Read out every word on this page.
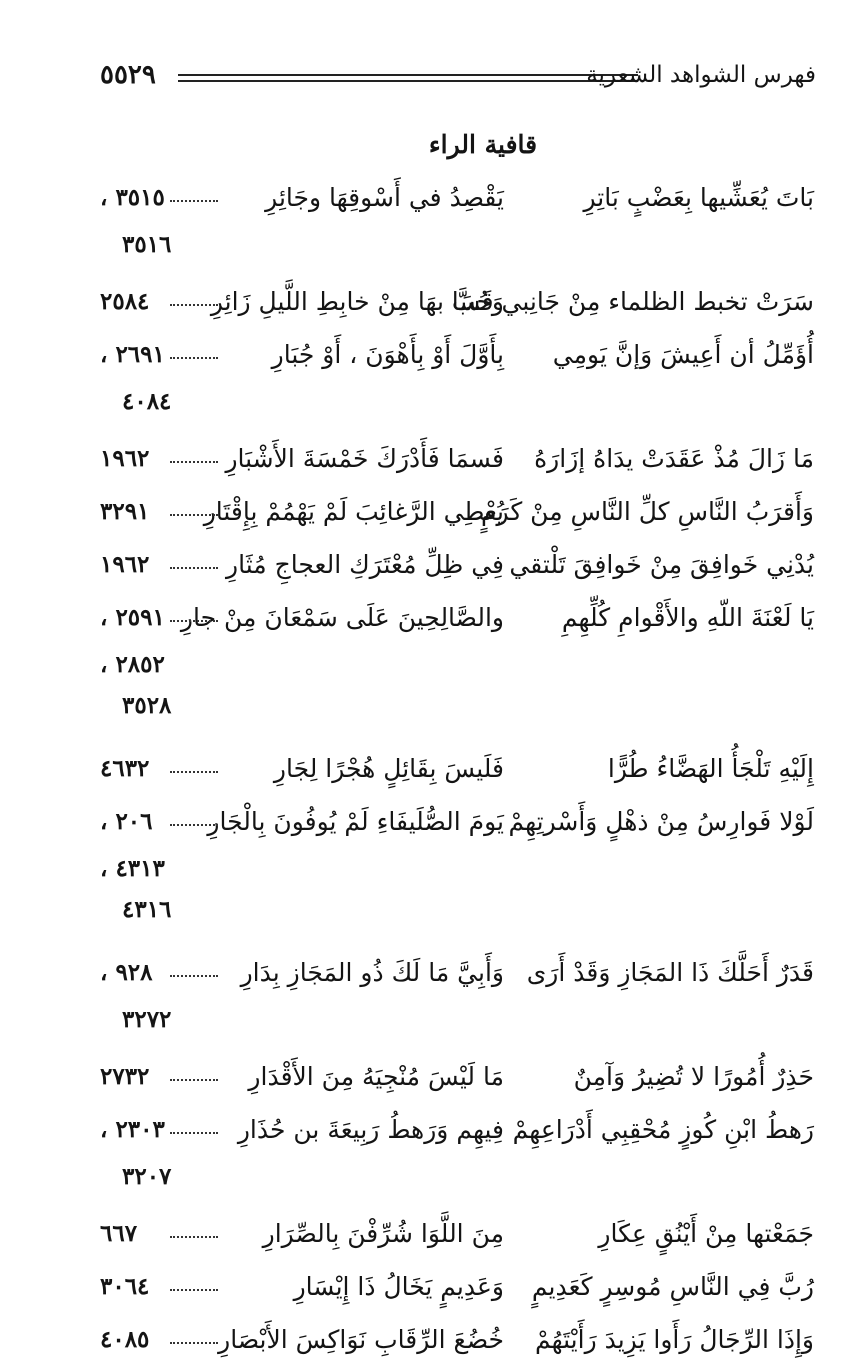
٥٥٢٩	فهرس الشواهد الشعرية
قافية الراء
بَاتَ يُعَشِّيها بِعَضْبٍ بَاتِرِ
يَقْصِدُ في أَسْوقِهَا وجَائِرِ
٣٥١٥ ،
٣٥١٦
سَرَتْ تخبط الظلماء مِنْ جَانِبي قَسَا
وَحُبَّ بهَا مِنْ خابِطِ اللَّيلِ زَائِرِ
٢٥٨٤
أُؤَمِّلُ أن أَعِيشَ وَإنَّ يَومِي
بِأَوَّلَ أَوْ بِأَهْوَنَ ، أَوْ جُبَارِ
٢٦٩١ ،
٤٠٨٤
مَا زَالَ مُذْ عَقَدَتْ يدَاهُ إزَارَهُ
فَسمَا فَأَدْرَكَ خَمْسَةَ الأَشْبَارِ
١٩٦٢
وَأَقرَبُ النَّاسِ كلِّ النَّاسِ مِنْ كَرَمٍ
يُعْطِي الرَّغائِبَ لَمْ يَهْمُمْ بِإِقْتَارِ
٣٢٩١
يُدْنِي خَوافِقَ مِنْ خَوافِقَ تَلْتقي
فِي ظِلِّ مُعْتَرَكِ العجاجِ مُثَارِ
١٩٦٢
يَا لَعْنَةَ اللّهِ والأَقْوامِ كُلِّهِمِ
والصَّالِحِينَ عَلَى سَمْعَانَ مِنْ جارِ
٢٥٩١ ،
٢٨٥٢ ،
٣٥٢٨
إِلَيْهِ تَلْجَأُ الهَضَّاءُ طُرًّا
فَلَيسَ بِقَائِلٍ هُجْرًا لِجَارِ
٤٦٣٢
لَوْلا فَوارِسُ مِنْ ذهْلٍ وَأَسْرتِهِمْ
يَومَ الصُّلَيفَاءِ لَمْ يُوفُونَ بِالْجَارِ
٢٠٦ ،
٤٣١٣ ،
٤٣١٦
قَدَرٌ أَحَلَّكَ ذَا المَجَازِ وَقَدْ أَرَى
وَأَبِيَّ مَا لَكَ ذُو المَجَازِ بِدَارِ
٩٢٨ ،
٣٢٧٢
حَذِرٌ أُمُورًا لا تُضِيرُ وَآمِنٌ
مَا لَيْسَ مُنْجِيَهُ مِنَ الأَقْدَارِ
٢٧٣٢
رَهطُ ابْنِ كُوزٍ مُحْقِبِي أَدْرَاعِهِمْ
فِيهِم وَرَهطُ رَبِيعَةَ بن حُذَارِ
٢٣٠٣ ،
٣٢٠٧
جَمَعْتها مِنْ أَيْنُقٍ عِكَارِ
مِنَ اللَّوَا شُرِّفْنَ بِالصِّرَارِ
٦٦٧
رُبَّ فِي النَّاسِ مُوسِرٍ كَعَدِيمٍ
وَعَدِيمٍ يَخَالُ ذَا إِيْسَارِ
٣٠٦٤
وَإِذَا الرِّجَالُ رَأَوا يَزِيدَ رَأَيْتَهُمْ
خُضُعَ الرِّقَابِ نَوَاكِسَ الأَبْصَارِ
٤٠٨٥
